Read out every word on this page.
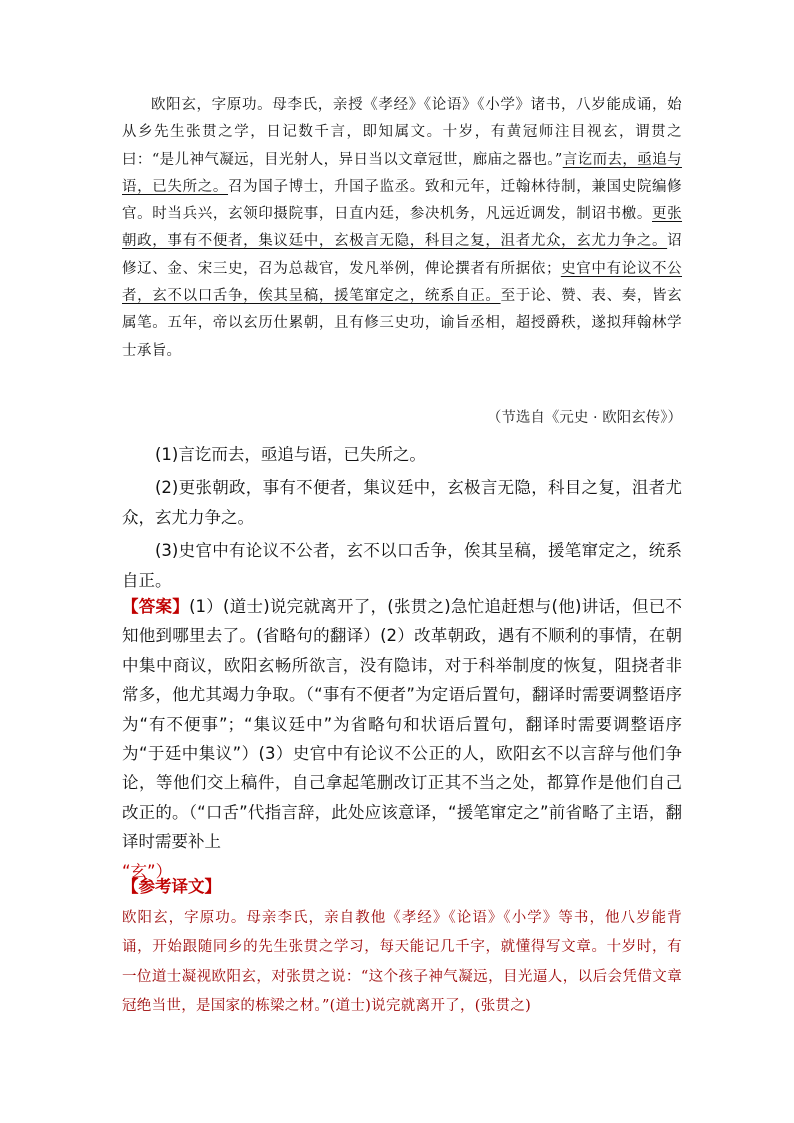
欧阳玄，字原功。母李氏，亲授《孝经》《论语》《小学》诸书，八岁能成诵，始从乡先生张贯之学，日记数千言，即知属文。十岁，有黄冠师注目视玄，谓贯之曰：“是儿神气凝远，目光射人，异日当以文章冠世，廊庙之器也。”言讫而去，亟追与语，已失所之。召为国子博士，升国子监丞。致和元年，迁翰林待制，兼国史院编修官。时当兵兴，玄领印摄院事，日直内廷，参决机务，凡远近调发，制诏书檄。更张朝政，事有不便者，集议廷中，玄极言无隐，科目之复，沮者尤众，玄尤力争之。诏修辽、金、宋三史，召为总裁官，发凡举例，俾论撰者有所据依；史官中有论议不公者，玄不以口舌争，俟其呈稿，援笔窜定之，统系自正。至于论、赞、表、奏，皆玄属笔。五年，帝以玄历仕累朝，且有修三史功，谕旨丞相，超授爵秩，遂拟拜翰林学士承旨。

（节选自《元史 · 欧阳玄传》）

(1)言讫而去，亟追与语，已失所之。

(2)更张朝政，事有不便者，集议廷中，玄极言无隐，科目之复，沮者尤众，玄尤力争之。

(3)史官中有论议不公者，玄不以口舌争，俟其呈稿，援笔窜定之，统系自正。

【答案】(1）(道士)说完就离开了，(张贯之)急忙追赶想与(他)讲话，但已不知他到哪里去了。(省略句的翻译）(2）改革朝政，遇有不顺利的事情，在朝中集中商议，欧阳玄畅所欲言，没有隐讳，对于科举制度的恢复，阻挠者非常多，他尤其竭力争取。（“事有不便者”为定语后置句，翻译时需要调整语序为“有不便事”；“集议廷中”为省略句和状语后置句，翻译时需要调整语序为“于廷中集议”）(3）史官中有论议不公正的人，欧阳玄不以言辞与他们争论，等他们交上稿件，自己拿起笔删改订正其不当之处，都算作是他们自己改正的。（“口舌”代指言辞，此处应该意译，“援笔窜定之”前省略了主语，翻译时需要补上
“玄”）
【参考译文】

欧阳玄，字原功。母亲李氏，亲自教他《孝经》《论语》《小学》等书，他八岁能背诵，开始跟随同乡的先生张贯之学习，每天能记几千字，就懂得写文章。十岁时，有一位道士凝视欧阳玄，对张贯之说：“这个孩子神气凝远，目光逼人，以后会凭借文章冠绝当世，是国家的栋梁之材。”(道士)说完就离开了，(张贯之)
